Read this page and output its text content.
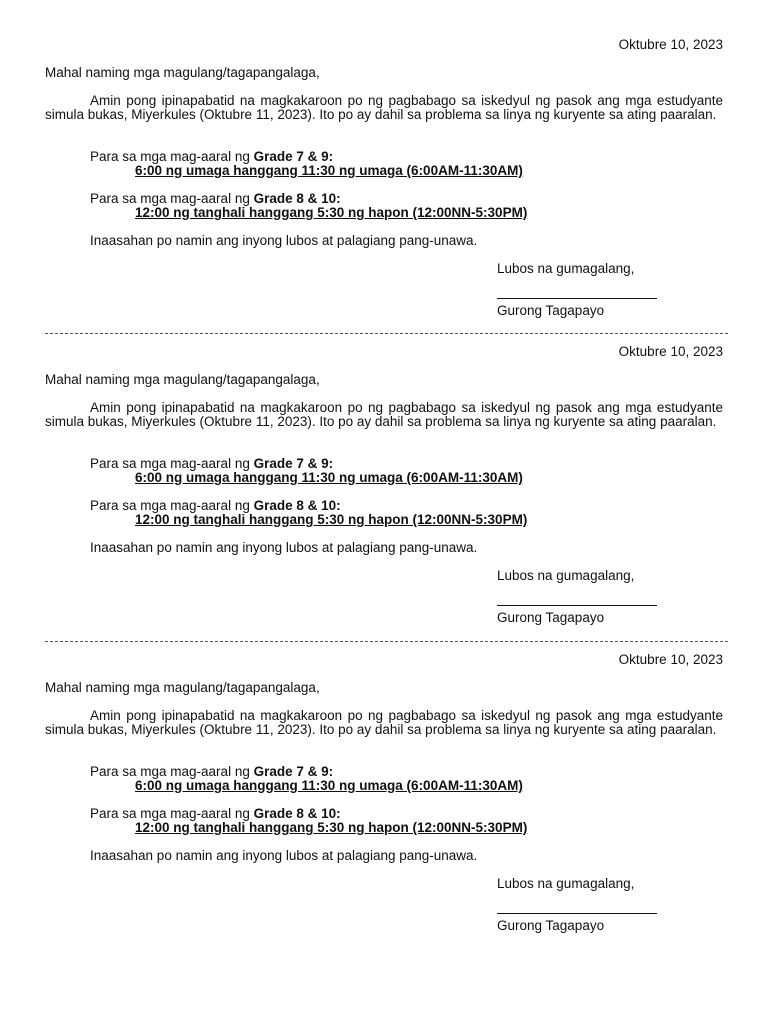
Oktubre 10, 2023
Mahal naming mga magulang/tagapangalaga,
Amin pong ipinapabatid na magkakaroon po ng pagbabago sa iskedyul ng pasok ang mga estudyante simula bukas, Miyerkules (Oktubre 11, 2023). Ito po ay dahil sa problema sa linya ng kuryente sa ating paaralan.
Para sa mga mag-aaral ng Grade 7 & 9:
6:00 ng umaga hanggang 11:30 ng umaga (6:00AM-11:30AM)
Para sa mga mag-aaral ng Grade 8 & 10:
12:00 ng tanghali hanggang 5:30 ng hapon (12:00NN-5:30PM)
Inaasahan po namin ang inyong lubos at palagiang pang-unawa.
Lubos na gumagalang,
Gurong Tagapayo
Oktubre 10, 2023
Mahal naming mga magulang/tagapangalaga,
Amin pong ipinapabatid na magkakaroon po ng pagbabago sa iskedyul ng pasok ang mga estudyante simula bukas, Miyerkules (Oktubre 11, 2023). Ito po ay dahil sa problema sa linya ng kuryente sa ating paaralan.
Para sa mga mag-aaral ng Grade 7 & 9:
6:00 ng umaga hanggang 11:30 ng umaga (6:00AM-11:30AM)
Para sa mga mag-aaral ng Grade 8 & 10:
12:00 ng tanghali hanggang 5:30 ng hapon (12:00NN-5:30PM)
Inaasahan po namin ang inyong lubos at palagiang pang-unawa.
Lubos na gumagalang,
Gurong Tagapayo
Oktubre 10, 2023
Mahal naming mga magulang/tagapangalaga,
Amin pong ipinapabatid na magkakaroon po ng pagbabago sa iskedyul ng pasok ang mga estudyante simula bukas, Miyerkules (Oktubre 11, 2023). Ito po ay dahil sa problema sa linya ng kuryente sa ating paaralan.
Para sa mga mag-aaral ng Grade 7 & 9:
6:00 ng umaga hanggang 11:30 ng umaga (6:00AM-11:30AM)
Para sa mga mag-aaral ng Grade 8 & 10:
12:00 ng tanghali hanggang 5:30 ng hapon (12:00NN-5:30PM)
Inaasahan po namin ang inyong lubos at palagiang pang-unawa.
Lubos na gumagalang,
Gurong Tagapayo
